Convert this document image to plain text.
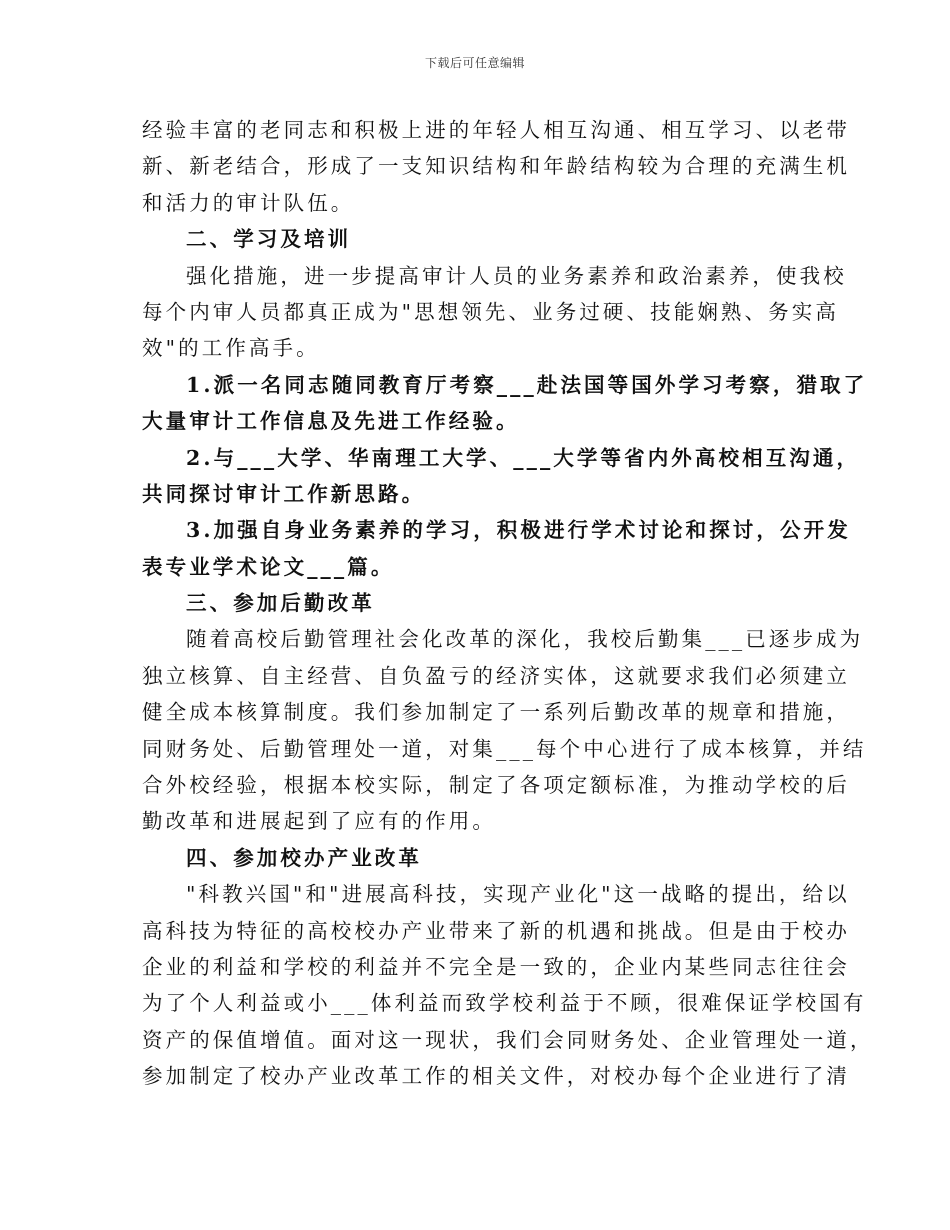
下载后可任意编辑
经验丰富的老同志和积极上进的年轻人相互沟通、相互学习、以老带
新、新老结合，形成了一支知识结构和年龄结构较为合理的充满生机
和活力的审计队伍。
二、学习及培训
强化措施，进一步提高审计人员的业务素养和政治素养，使我校
每个内审人员都真正成为"思想领先、业务过硬、技能娴熟、务实高
效"的工作高手。
1.派一名同志随同教育厅考察___赴法国等国外学习考察，猎取了
大量审计工作信息及先进工作经验。
2.与___大学、华南理工大学、___大学等省内外高校相互沟通，
共同探讨审计工作新思路。
3.加强自身业务素养的学习，积极进行学术讨论和探讨，公开发
表专业学术论文___篇。
三、参加后勤改革
随着高校后勤管理社会化改革的深化，我校后勤集___已逐步成为
独立核算、自主经营、自负盈亏的经济实体，这就要求我们必须建立
健全成本核算制度。我们参加制定了一系列后勤改革的规章和措施，
同财务处、后勤管理处一道，对集___每个中心进行了成本核算，并结
合外校经验，根据本校实际，制定了各项定额标准，为推动学校的后
勤改革和进展起到了应有的作用。
四、参加校办产业改革
"科教兴国"和"进展高科技，实现产业化"这一战略的提出，给以
高科技为特征的高校校办产业带来了新的机遇和挑战。但是由于校办
企业的利益和学校的利益并不完全是一致的，企业内某些同志往往会
为了个人利益或小___体利益而致学校利益于不顾，很难保证学校国有
资产的保值增值。面对这一现状，我们会同财务处、企业管理处一道，
参加制定了校办产业改革工作的相关文件，对校办每个企业进行了清
